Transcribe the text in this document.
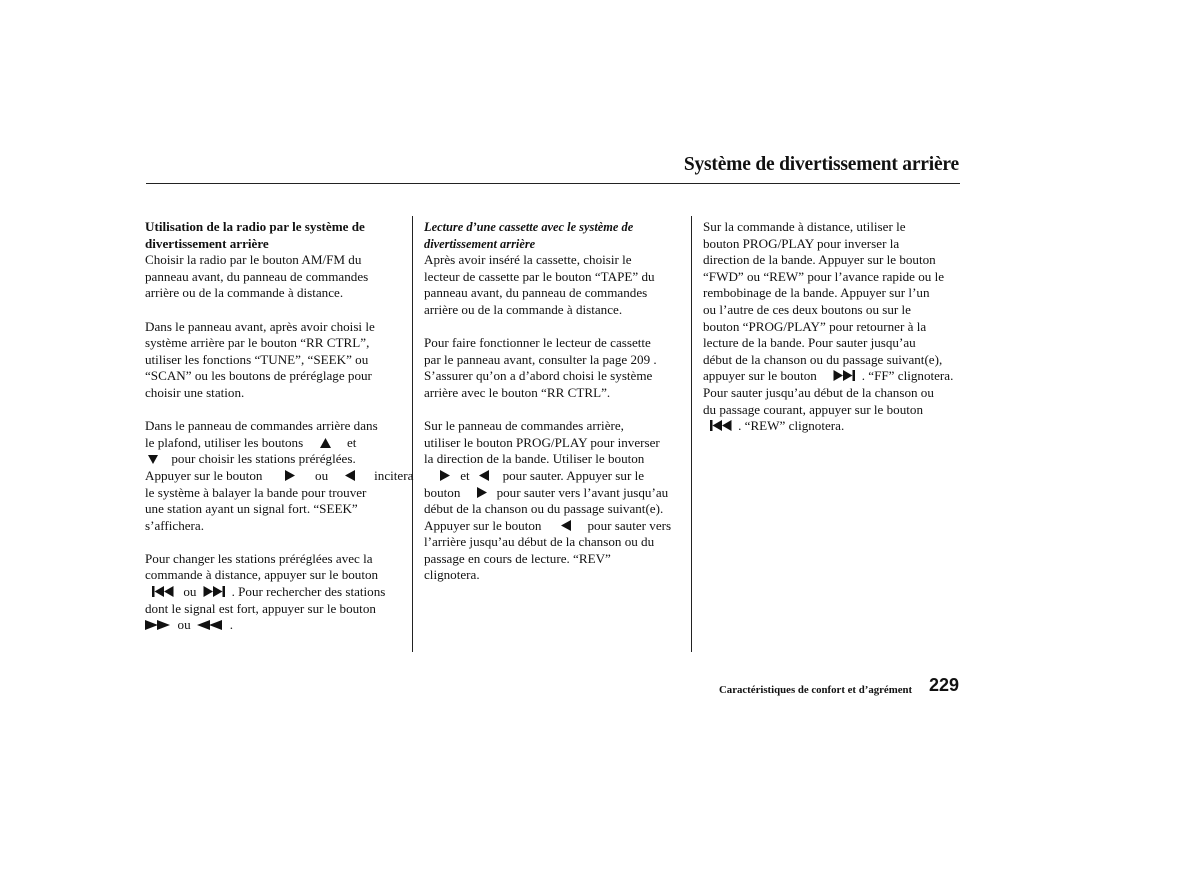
Système de divertissement arrière
Utilisation de la radio par le système de
divertissement arrière

Choisir la radio par le bouton AM/FM du
panneau avant, du panneau de commandes
arrière ou de la commande à distance.

Dans le panneau avant, après avoir choisi le
système arrière par le bouton “RR CTRL”,
utiliser les fonctions “TUNE”, “SEEK” ou
“SCAN” ou les boutons de préréglage pour
choisir une station.

Dans le panneau de commandes arrière dans
le plafond, utiliser les boutons	et

pour choisir les stations préréglées.
Appuyer sur le bouton	ou	incitera
le système à balayer la bande pour trouver
une station ayant un signal fort. “SEEK”
s’affichera.

Pour changer les stations préréglées avec la
commande à distance, appuyer sur le bouton

ou	. Pour rechercher des stations
dont le signal est fort, appuyer sur le bouton
ou	.

Lecture d’une cassette avec le système de
divertissement arrière

Après avoir inséré la cassette, choisir le
lecteur de cassette par le bouton “TAPE” du
panneau avant, du panneau de commandes
arrière ou de la commande à distance.

Pour faire fonctionner le lecteur de cassette
par le panneau avant, consulter la page 209 .
S’assurer qu’on a d’abord choisi le système
arrière avec le bouton “RR CTRL”.

Sur le panneau de commandes arrière,
utiliser le bouton PROG/PLAY pour inverser
la direction de la bande. Utiliser le bouton

et	pour sauter. Appuyer sur le
bouton	pour sauter vers l’avant jusqu’au
début de la chanson ou du passage suivant(e).
Appuyer sur le bouton	pour sauter vers
l’arrière jusqu’au début de la chanson ou du
passage en cours de lecture. “REV”
clignotera.

Sur la commande à distance, utiliser le
bouton PROG/PLAY pour inverser la
direction de la bande. Appuyer sur le bouton
“FWD” ou “REW” pour l’avance rapide ou le
rembobinage de la bande. Appuyer sur l’un
ou l’autre de ces deux boutons ou sur le
bouton “PROG/PLAY” pour retourner à la
lecture de la bande. Pour sauter jusqu’au
début de la chanson ou du passage suivant(e),
appuyer sur le bouton	. “FF” clignotera.
Pour sauter jusqu’au début de la chanson ou
du passage courant, appuyer sur le bouton

. “REW” clignotera.

Caractéristiques de confort et d’agrément 229
